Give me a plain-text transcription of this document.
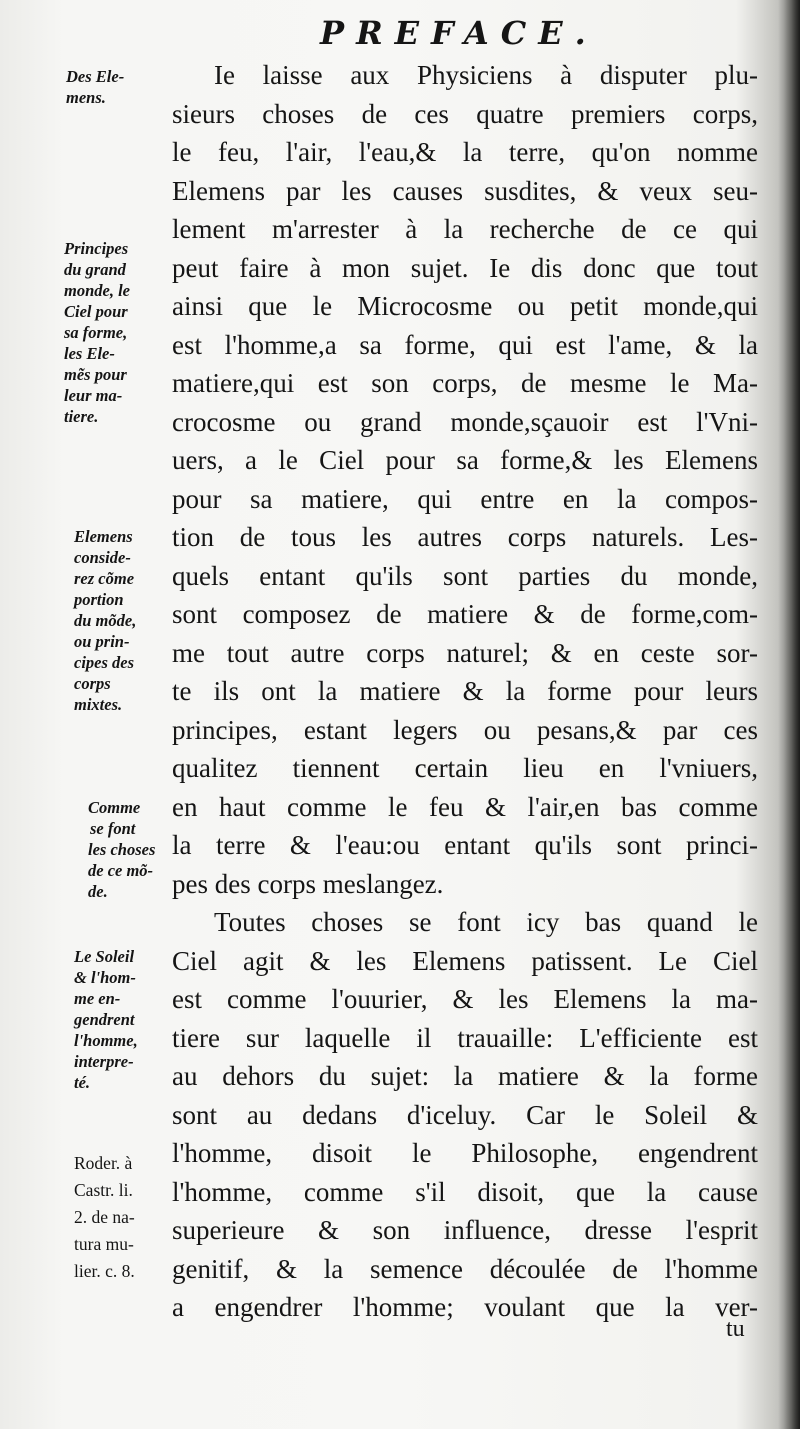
PREFACE.
Des Ele-
mens.
Principes
du grand
monde, le
Ciel pour
sa forme,
les Ele-
mẽs pour
leur ma-
tiere.
Elemens
conside-
rez cõme
portion
du mõde,
ou prin-
cipes des
corps
mixtes.
Comme
se font
les choses
de ce mõ-
de.
Le Soleil
& l'hom-
me en-
gendrent
l'homme,
interpre-
té.
Roder. à
Castr. li.
2. de na-
tura mu-
lier. c. 8.
Ie laisse aux Physiciens à disputer plu-
sieurs choses de ces quatre premiers corps,
le feu, l'air, l'eau,& la terre, qu'on nomme
Elemens par les causes susdites, & veux seu-
lement m'arrester à la recherche de ce qui
peut faire à mon sujet. Ie dis donc que tout
ainsi que le Microcosme ou petit monde,qui
est l'homme,a sa forme, qui est l'ame, & la
matiere,qui est son corps, de mesme le Ma-
crocosme ou grand monde,sçauoir est l'Vni-
uers, a le Ciel pour sa forme,& les Elemens
pour sa matiere, qui entre en la compos-
tion de tous les autres corps naturels. Les-
quels entant qu'ils sont parties du monde,
sont composez de matiere & de forme,com-
me tout autre corps naturel; & en ceste sor-
te ils ont la matiere & la forme pour leurs
principes, estant legers ou pesans,& par ces
qualitez tiennent certain lieu en l'vniuers,
en haut comme le feu & l'air,en bas comme
la terre & l'eau:ou entant qu'ils sont princi-
pes des corps meslangez.
Toutes choses se font icy bas quand le
Ciel agit & les Elemens patissent. Le Ciel
est comme l'ouurier, & les Elemens la ma-
tiere sur laquelle il trauaille: L'efficiente est
au dehors du sujet: la matiere & la forme
sont au dedans d'iceluy. Car le Soleil &
l'homme, disoit le Philosophe, engendrent
l'homme, comme s'il disoit, que la cause
superieure & son influence, dresse l'esprit
genitif, & la semence découlée de l'homme
a engendrer l'homme; voulant que la ver-
tu
